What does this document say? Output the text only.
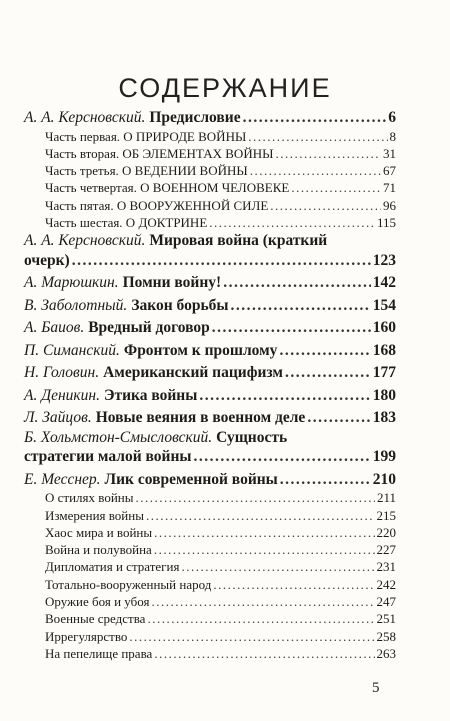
СОДЕРЖАНИЕ
А. А. Керсновский. Предисловие .....	6
Часть первая. О ПРИРОДЕ ВОЙНЫ .....	8
Часть вторая. ОБ ЭЛЕМЕНТАХ ВОЙНЫ .....	31
Часть третья. О ВЕДЕНИИ ВОЙНЫ .....	67
Часть четвертая. О ВОЕННОМ ЧЕЛОВЕКЕ .....	71
Часть пятая. О ВООРУЖЕННОЙ СИЛЕ .....	96
Часть шестая. О ДОКТРИНЕ .....	115
А. А. Керсновский. Мировая война (краткий
очерк) .....	123
А. Марюшкин. Помни войну! .....	142
В. Заболотный. Закон борьбы .....	154
А. Баиов. Вредный договор .....	160
П. Симанский. Фронтом к прошлому .....	168
Н. Головин. Американский пацифизм .....	177
А. Деникин. Этика войны .....	180
Л. Зайцов. Новые веяния в военном деле .....	183
Б. Хольмстон-Смысловский. Сущность
стратегии малой войны .....	199
Е. Месснер. Лик современной войны .....	210
О стилях войны .....	211
Измерения войны .....	215
Хаос мира и войны .....	220
Война и полувойна .....	227
Дипломатия и стратегия .....	231
Тотально-вооруженный народ .....	242
Оружие боя и убоя .....	247
Военные средства .....	251
Иррегулярство .....	258
На пепелище права .....	263
5
